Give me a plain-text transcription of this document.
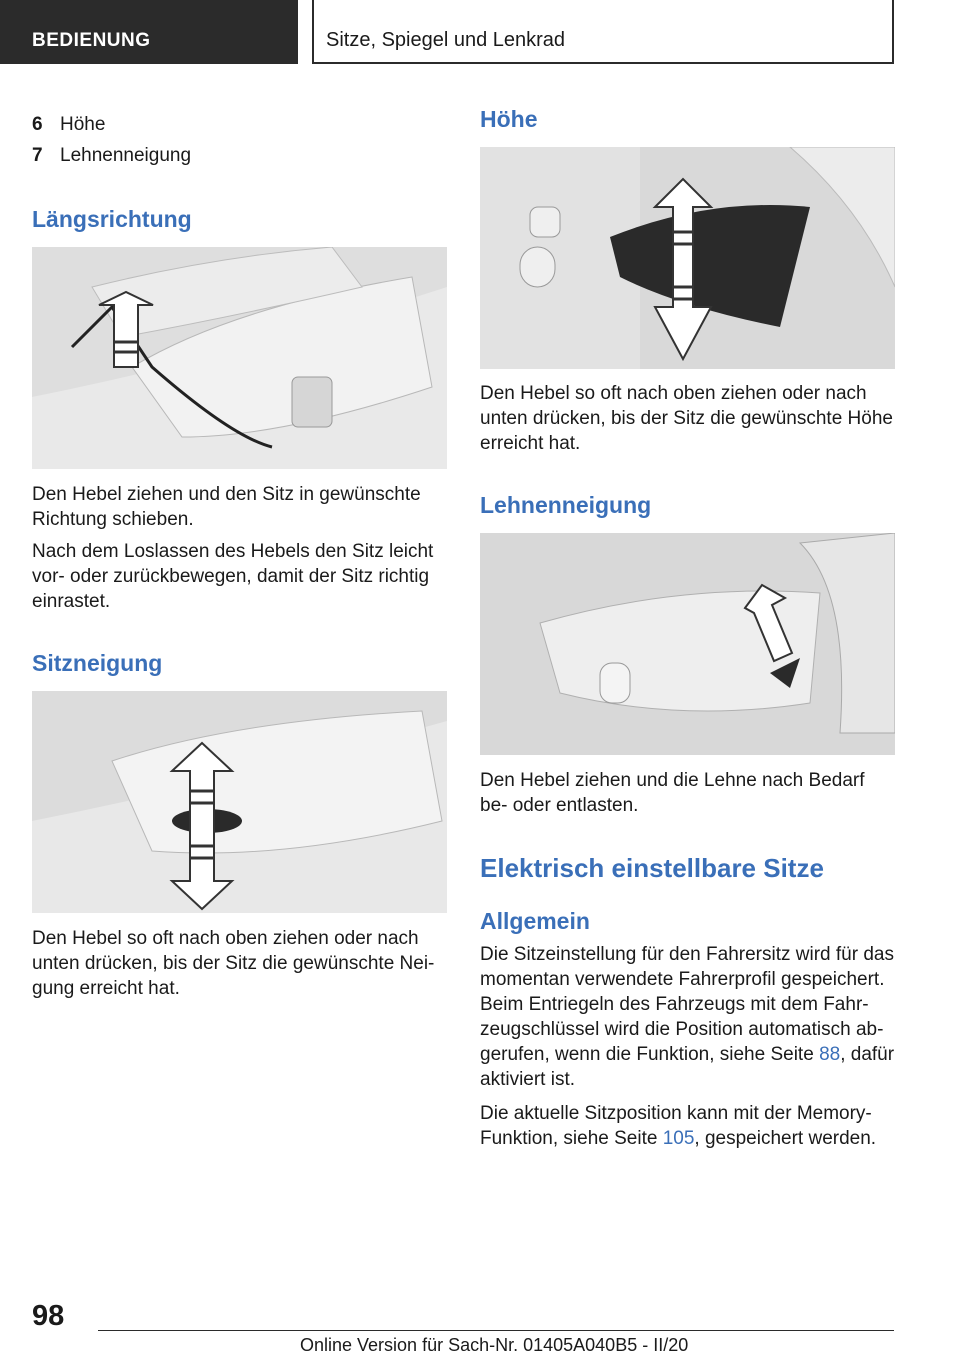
BEDIENUNG	Sitze, Spiegel und Lenkrad
6 Höhe
7 Lehnenneigung
Längsrichtung

Den Hebel ziehen und den Sitz in gewünschte Richtung schieben.

Nach dem Loslassen des Hebels den Sitz leicht vor- oder zurückbewegen, damit der Sitz richtig einrastet.

Sitzneigung

Den Hebel so oft nach oben ziehen oder nach unten drücken, bis der Sitz die gewünschte Nei-gung erreicht hat.

Höhe

Den Hebel so oft nach oben ziehen oder nach unten drücken, bis der Sitz die gewünschte Höhe erreicht hat.

Lehnenneigung

Den Hebel ziehen und die Lehne nach Bedarf be- oder entlasten.

Elektrisch einstellbare Sitze
Allgemein

Die Sitzeinstellung für den Fahrersitz wird für das momentan verwendete Fahrerprofil gespeichert. Beim Entriegeln des Fahrzeugs mit dem Fahr-zeugschlüssel wird die Position automatisch ab-gerufen, wenn die Funktion, siehe Seite 88, dafür aktiviert ist.

Die aktuelle Sitzposition kann mit der Memory-Funktion, siehe Seite 105, gespeichert werden.

98
Online Version für Sach-Nr. 01405A040B5 - II/20
